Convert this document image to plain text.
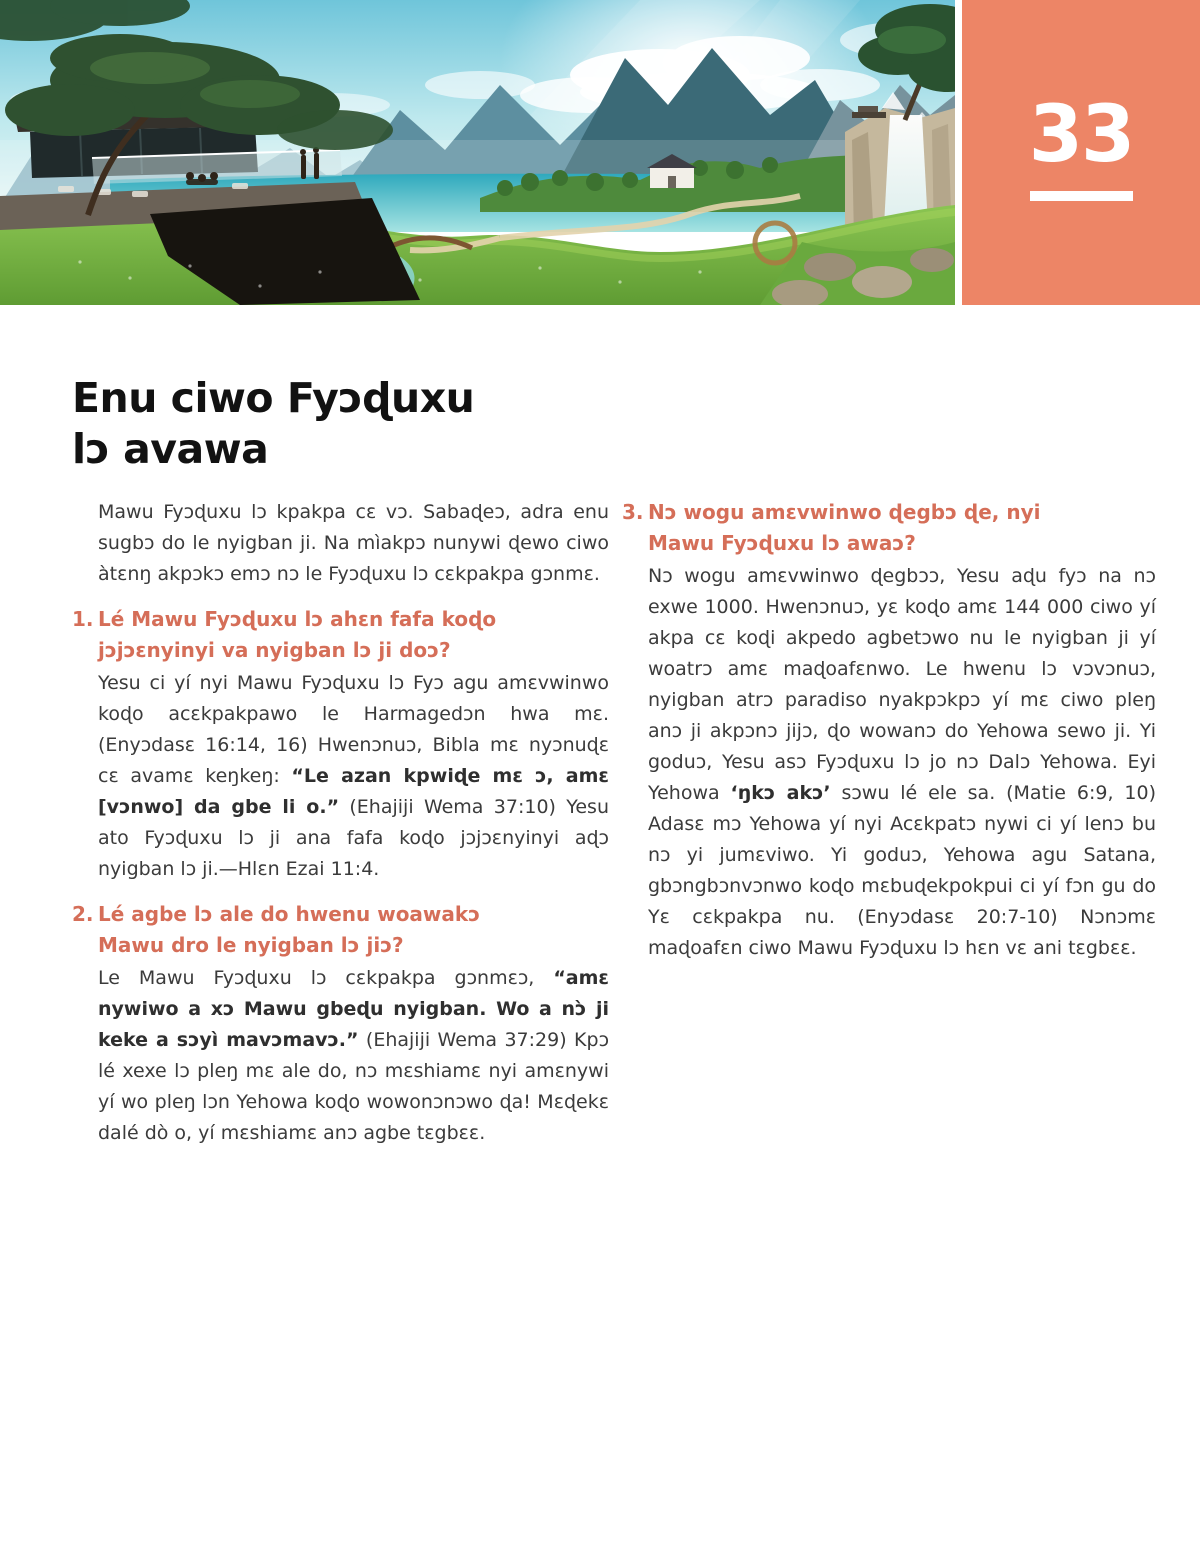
33
Enu ciwo Fyɔɖuxu
lɔ avawa

Mawu Fyɔɖuxu lɔ kpakpa cɛ vɔ. Sabaɖeɔ, adra enu sugbɔ do le nyigban ji. Na mìakpɔ nunywi ɖewo ciwo àtɛnŋ akpɔkɔ emɔ nɔ le Fyɔɖuxu lɔ cɛkpakpa gɔnmɛ.

1. Lé Mawu Fyɔɖuxu lɔ ahɛn fafa koɖo jɔjɔɛnyinyi va nyigban lɔ ji doɔ?

Yesu ci yí nyi Mawu Fyɔɖuxu lɔ Fyɔ agu amɛvwinwo koɖo acɛkpakpawo le Harmagedɔn hwa mɛ. (Enyɔdasɛ 16:14, 16) Hwenɔnuɔ, Bibla mɛ nyɔnuɖɛ cɛ avamɛ keŋkeŋ: “Le azan kpwiɖe mɛ ɔ, amɛ [vɔnwo] da gbe li o.” (Ehajiji Wema 37:10) Yesu ato Fyɔɖuxu lɔ ji ana fafa koɖo jɔjɔɛnyinyi aɖɔ nyigban lɔ ji.—Hlɛn Ezai 11:4.

2. Lé agbe lɔ ale do hwenu woawakɔ Mawu dro le nyigban lɔ jiɔ?

Le Mawu Fyɔɖuxu lɔ cɛkpakpa gɔnmɛɔ, “amɛ nywiwo a xɔ Mawu gbeɖu nyigban. Wo a nɔ̀ ji keke a sɔyì mavɔmavɔ.” (Ehajiji Wema 37:29) Kpɔ lé xexe lɔ pleŋ mɛ ale do, nɔ mɛshiamɛ nyi amɛnywi yí wo pleŋ lɔn Yehowa koɖo wowonɔnɔwo ɖa! Mɛɖekɛ dalé dò o, yí mɛshiamɛ anɔ agbe tɛgbɛɛ.

3. Nɔ wogu amɛvwinwo ɖegbɔ ɖe, nyi Mawu Fyɔɖuxu lɔ awaɔ?

Nɔ wogu amɛvwinwo ɖegbɔɔ, Yesu aɖu fyɔ na nɔ exwe 1000. Hwenɔnuɔ, yɛ koɖo amɛ 144 000 ciwo yí akpa cɛ koɖi akpedo agbetɔwo nu le nyigban ji yí woatrɔ amɛ maɖoafɛnwo. Le hwenu lɔ vɔvɔnuɔ, nyigban atrɔ paradiso nyakpɔkpɔ yí mɛ ciwo pleŋ anɔ ji akpɔnɔ jijɔ, ɖo wowanɔ do Yehowa sewo ji. Yi goduɔ, Yesu asɔ Fyɔɖuxu lɔ jo nɔ Dalɔ Yehowa. Eyi Yehowa ‘ŋkɔ akɔ’ sɔwu lé ele sa. (Matie 6:9, 10) Adasɛ mɔ Yehowa yí nyi Acɛkpatɔ nywi ci yí lenɔ bu nɔ yi jumɛviwo. Yi goduɔ, Yehowa agu Satana, gbɔngbɔnvɔnwo koɖo mɛbuɖekpokpui ci yí fɔn gu do Yɛ cɛkpakpa nu. (Enyɔdasɛ 20:7-10) Nɔnɔmɛ maɖoafɛn ciwo Mawu Fyɔɖuxu lɔ hɛn vɛ ani tɛgbɛɛ.
